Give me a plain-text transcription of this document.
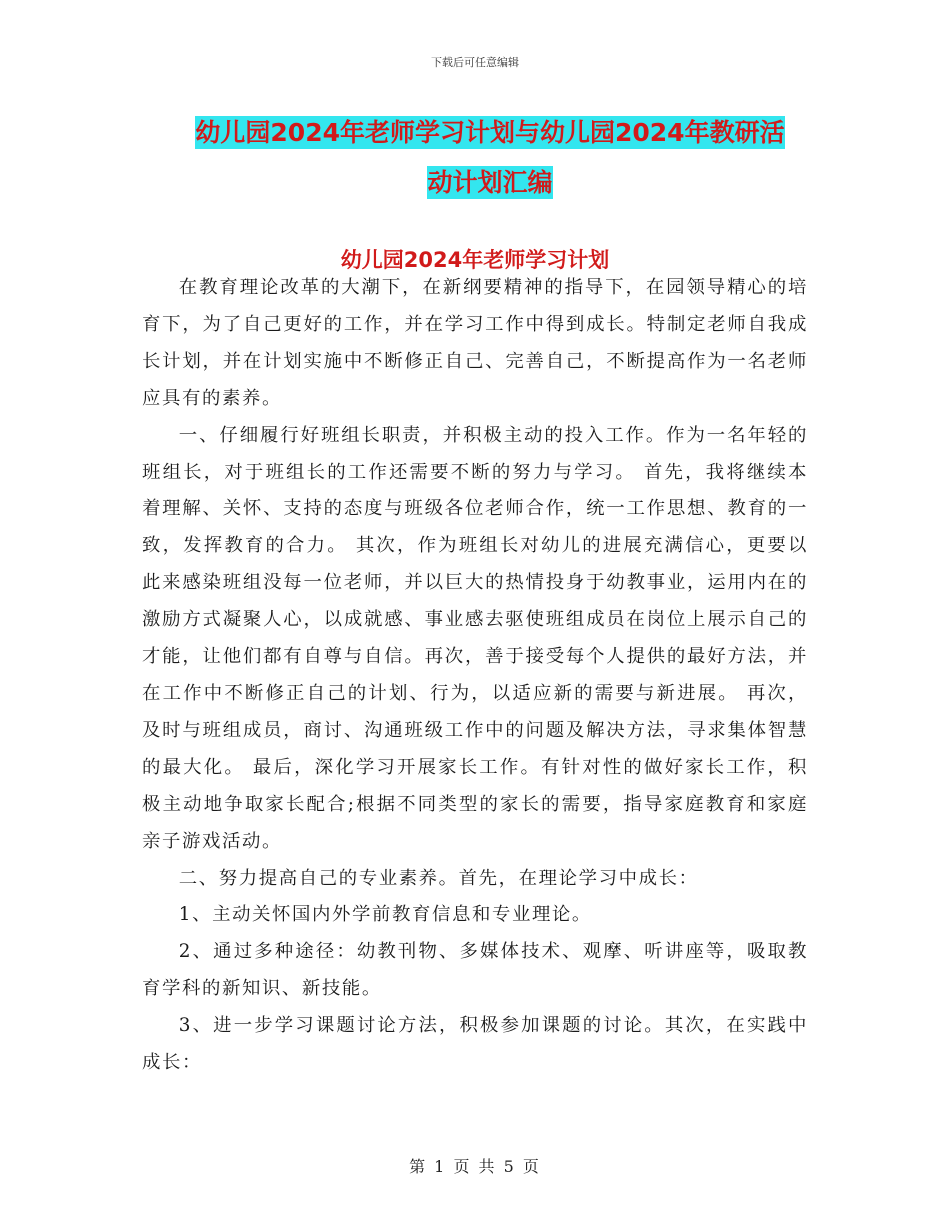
下载后可任意编辑
幼儿园2024年老师学习计划与幼儿园2024年教研活
动计划汇编
幼儿园2024年老师学习计划

在教育理论改革的大潮下，在新纲要精神的指导下，在园领导精心的培育下，为了自己更好的工作，并在学习工作中得到成长。特制定老师自我成长计划，并在计划实施中不断修正自己、完善自己，不断提高作为一名老师应具有的素养。

一、仔细履行好班组长职责，并积极主动的投入工作。作为一名年轻的班组长，对于班组长的工作还需要不断的努力与学习。 首先，我将继续本着理解、关怀、支持的态度与班级各位老师合作，统一工作思想、教育的一致，发挥教育的合力。 其次，作为班组长对幼儿的进展充满信心，更要以此来感染班组没每一位老师，并以巨大的热情投身于幼教事业，运用内在的激励方式凝聚人心，以成就感、事业感去驱使班组成员在岗位上展示自己的才能，让他们都有自尊与自信。再次，善于接受每个人提供的最好方法，并在工作中不断修正自己的计划、行为，以适应新的需要与新进展。 再次，及时与班组成员，商讨、沟通班级工作中的问题及解决方法，寻求集体智慧的最大化。 最后，深化学习开展家长工作。有针对性的做好家长工作，积极主动地争取家长配合;根据不同类型的家长的需要，指导家庭教育和家庭亲子游戏活动。

二、努力提高自己的专业素养。首先，在理论学习中成长：

1、主动关怀国内外学前教育信息和专业理论。

2、通过多种途径：幼教刊物、多媒体技术、观摩、听讲座等，吸取教育学科的新知识、新技能。

3、进一步学习课题讨论方法，积极参加课题的讨论。其次，在实践中成长：

第 1 页 共 5 页
